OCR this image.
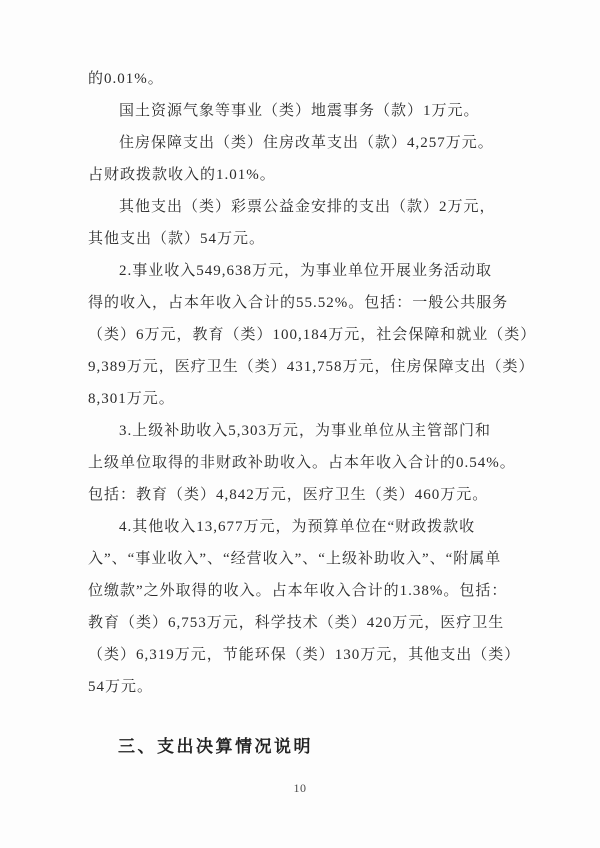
的0.01%。
国土资源气象等事业（类）地震事务（款）1万元。
住房保障支出（类）住房改革支出（款）4,257万元。
占财政拨款收入的1.01%。
其他支出（类）彩票公益金安排的支出（款）2万元，
其他支出（款）54万元。
2.事业收入549,638万元，为事业单位开展业务活动取
得的收入，占本年收入合计的55.52%。包括：一般公共服务
（类）6万元，教育（类）100,184万元，社会保障和就业（类）
9,389万元，医疗卫生（类）431,758万元，住房保障支出（类）
8,301万元。
3.上级补助收入5,303万元，为事业单位从主管部门和
上级单位取得的非财政补助收入。占本年收入合计的0.54%。
包括：教育（类）4,842万元，医疗卫生（类）460万元。
4.其他收入13,677万元，为预算单位在“财政拨款收
入”、“事业收入”、“经营收入”、“上级补助收入”、“附属单
位缴款”之外取得的收入。占本年收入合计的1.38%。包括：
教育（类）6,753万元，科学技术（类）420万元，医疗卫生
（类）6,319万元，节能环保（类）130万元，其他支出（类）
54万元。
三、支出决算情况说明
10
